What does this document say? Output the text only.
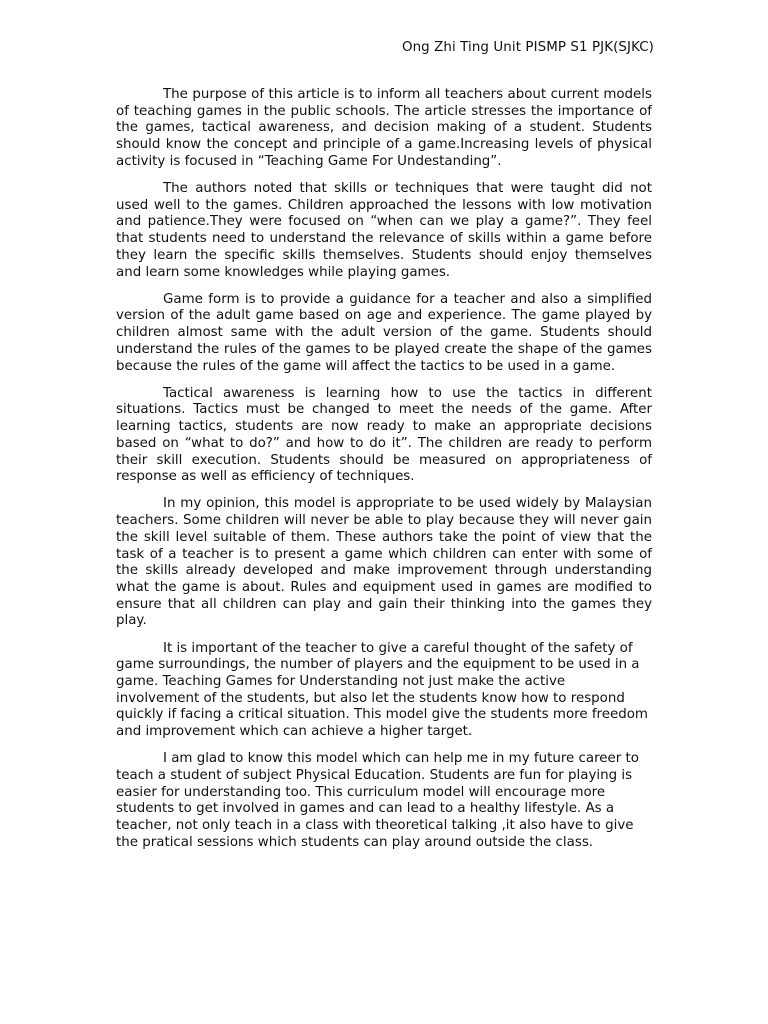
Ong Zhi Ting Unit PISMP S1 PJK(SJKC)

The purpose of this article is to inform all teachers about current models of teaching games in the public schools. The article stresses the importance of the games, tactical awareness, and decision making of a student. Students should know the concept and principle of a game.Increasing levels of physical activity is focused in “Teaching Game For Undestanding”.

The authors noted that skills or techniques that were taught did not used well to the games. Children approached the lessons with low motivation and patience.They were focused on “when can we play a game?”. They feel that students need to understand the relevance of skills within a game before they learn the specific skills themselves. Students should enjoy themselves and learn some knowledges while playing games.

Game form is to provide a guidance for a teacher and also a simplified version of the adult game based on age and experience. The game played by children almost same with the adult version of the game. Students should understand the rules of the games to be played create the shape of the games because the rules of the game will affect the tactics to be used in a game.

Tactical awareness is learning how to use the tactics in different situations. Tactics must be changed to meet the needs of the game. After learning tactics, students are now ready to make an appropriate decisions based on “what to do?” and how to do it”. The children are ready to perform their skill execution. Students should be measured on appropriateness of response as well as efficiency of techniques.

In my opinion, this model is appropriate to be used widely by Malaysian teachers. Some children will never be able to play because they will never gain the skill level suitable of them. These authors take the point of view that the task of a teacher is to present a game which children can enter with some of the skills already developed and make improvement through understanding what the game is about. Rules and equipment used in games are modified to ensure that all children can play and gain their thinking into the games they play.

It is important of the teacher to give a careful thought of the safety of game surroundings, the number of players and the equipment to be used in a game. Teaching Games for Understanding not just make the active involvement of the students, but also let the students know how to respond quickly if facing a critical situation. This model give the students more freedom and improvement which can achieve a higher target.

I am glad to know this model which can help me in my future career to teach a student of subject Physical Education. Students are fun for playing is easier for understanding too. This curriculum model will encourage more students to get involved in games and can lead to a healthy lifestyle. As a teacher, not only teach in a class with theoretical talking ,it also have to give the pratical sessions which students can play around outside the class.
